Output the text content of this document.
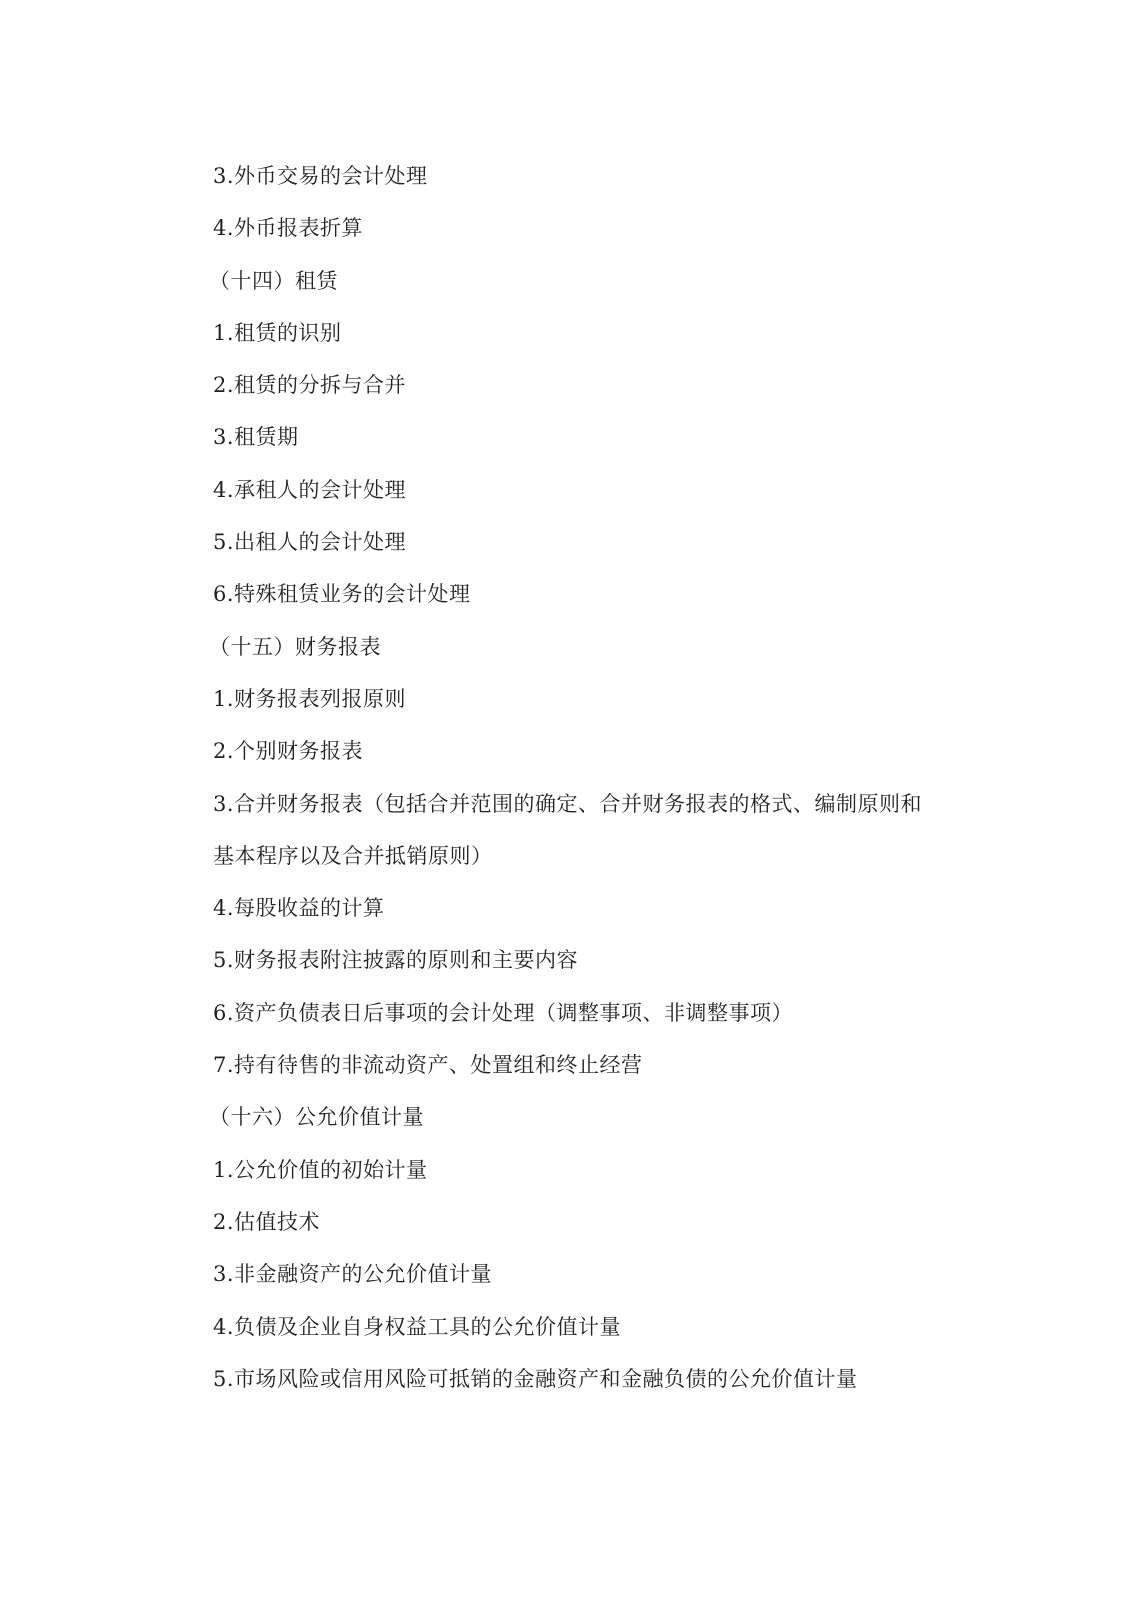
3.外币交易的会计处理
4.外币报表折算
（十四）租赁
1.租赁的识别
2.租赁的分拆与合并
3.租赁期
4.承租人的会计处理
5.出租人的会计处理
6.特殊租赁业务的会计处理
（十五）财务报表
1.财务报表列报原则
2.个别财务报表
3.合并财务报表（包括合并范围的确定、合并财务报表的格式、编制原则和
基本程序以及合并抵销原则）
4.每股收益的计算
5.财务报表附注披露的原则和主要内容
6.资产负债表日后事项的会计处理（调整事项、非调整事项）
7.持有待售的非流动资产、处置组和终止经营
（十六）公允价值计量
1.公允价值的初始计量
2.估值技术
3.非金融资产的公允价值计量
4.负债及企业自身权益工具的公允价值计量
5.市场风险或信用风险可抵销的金融资产和金融负债的公允价值计量
